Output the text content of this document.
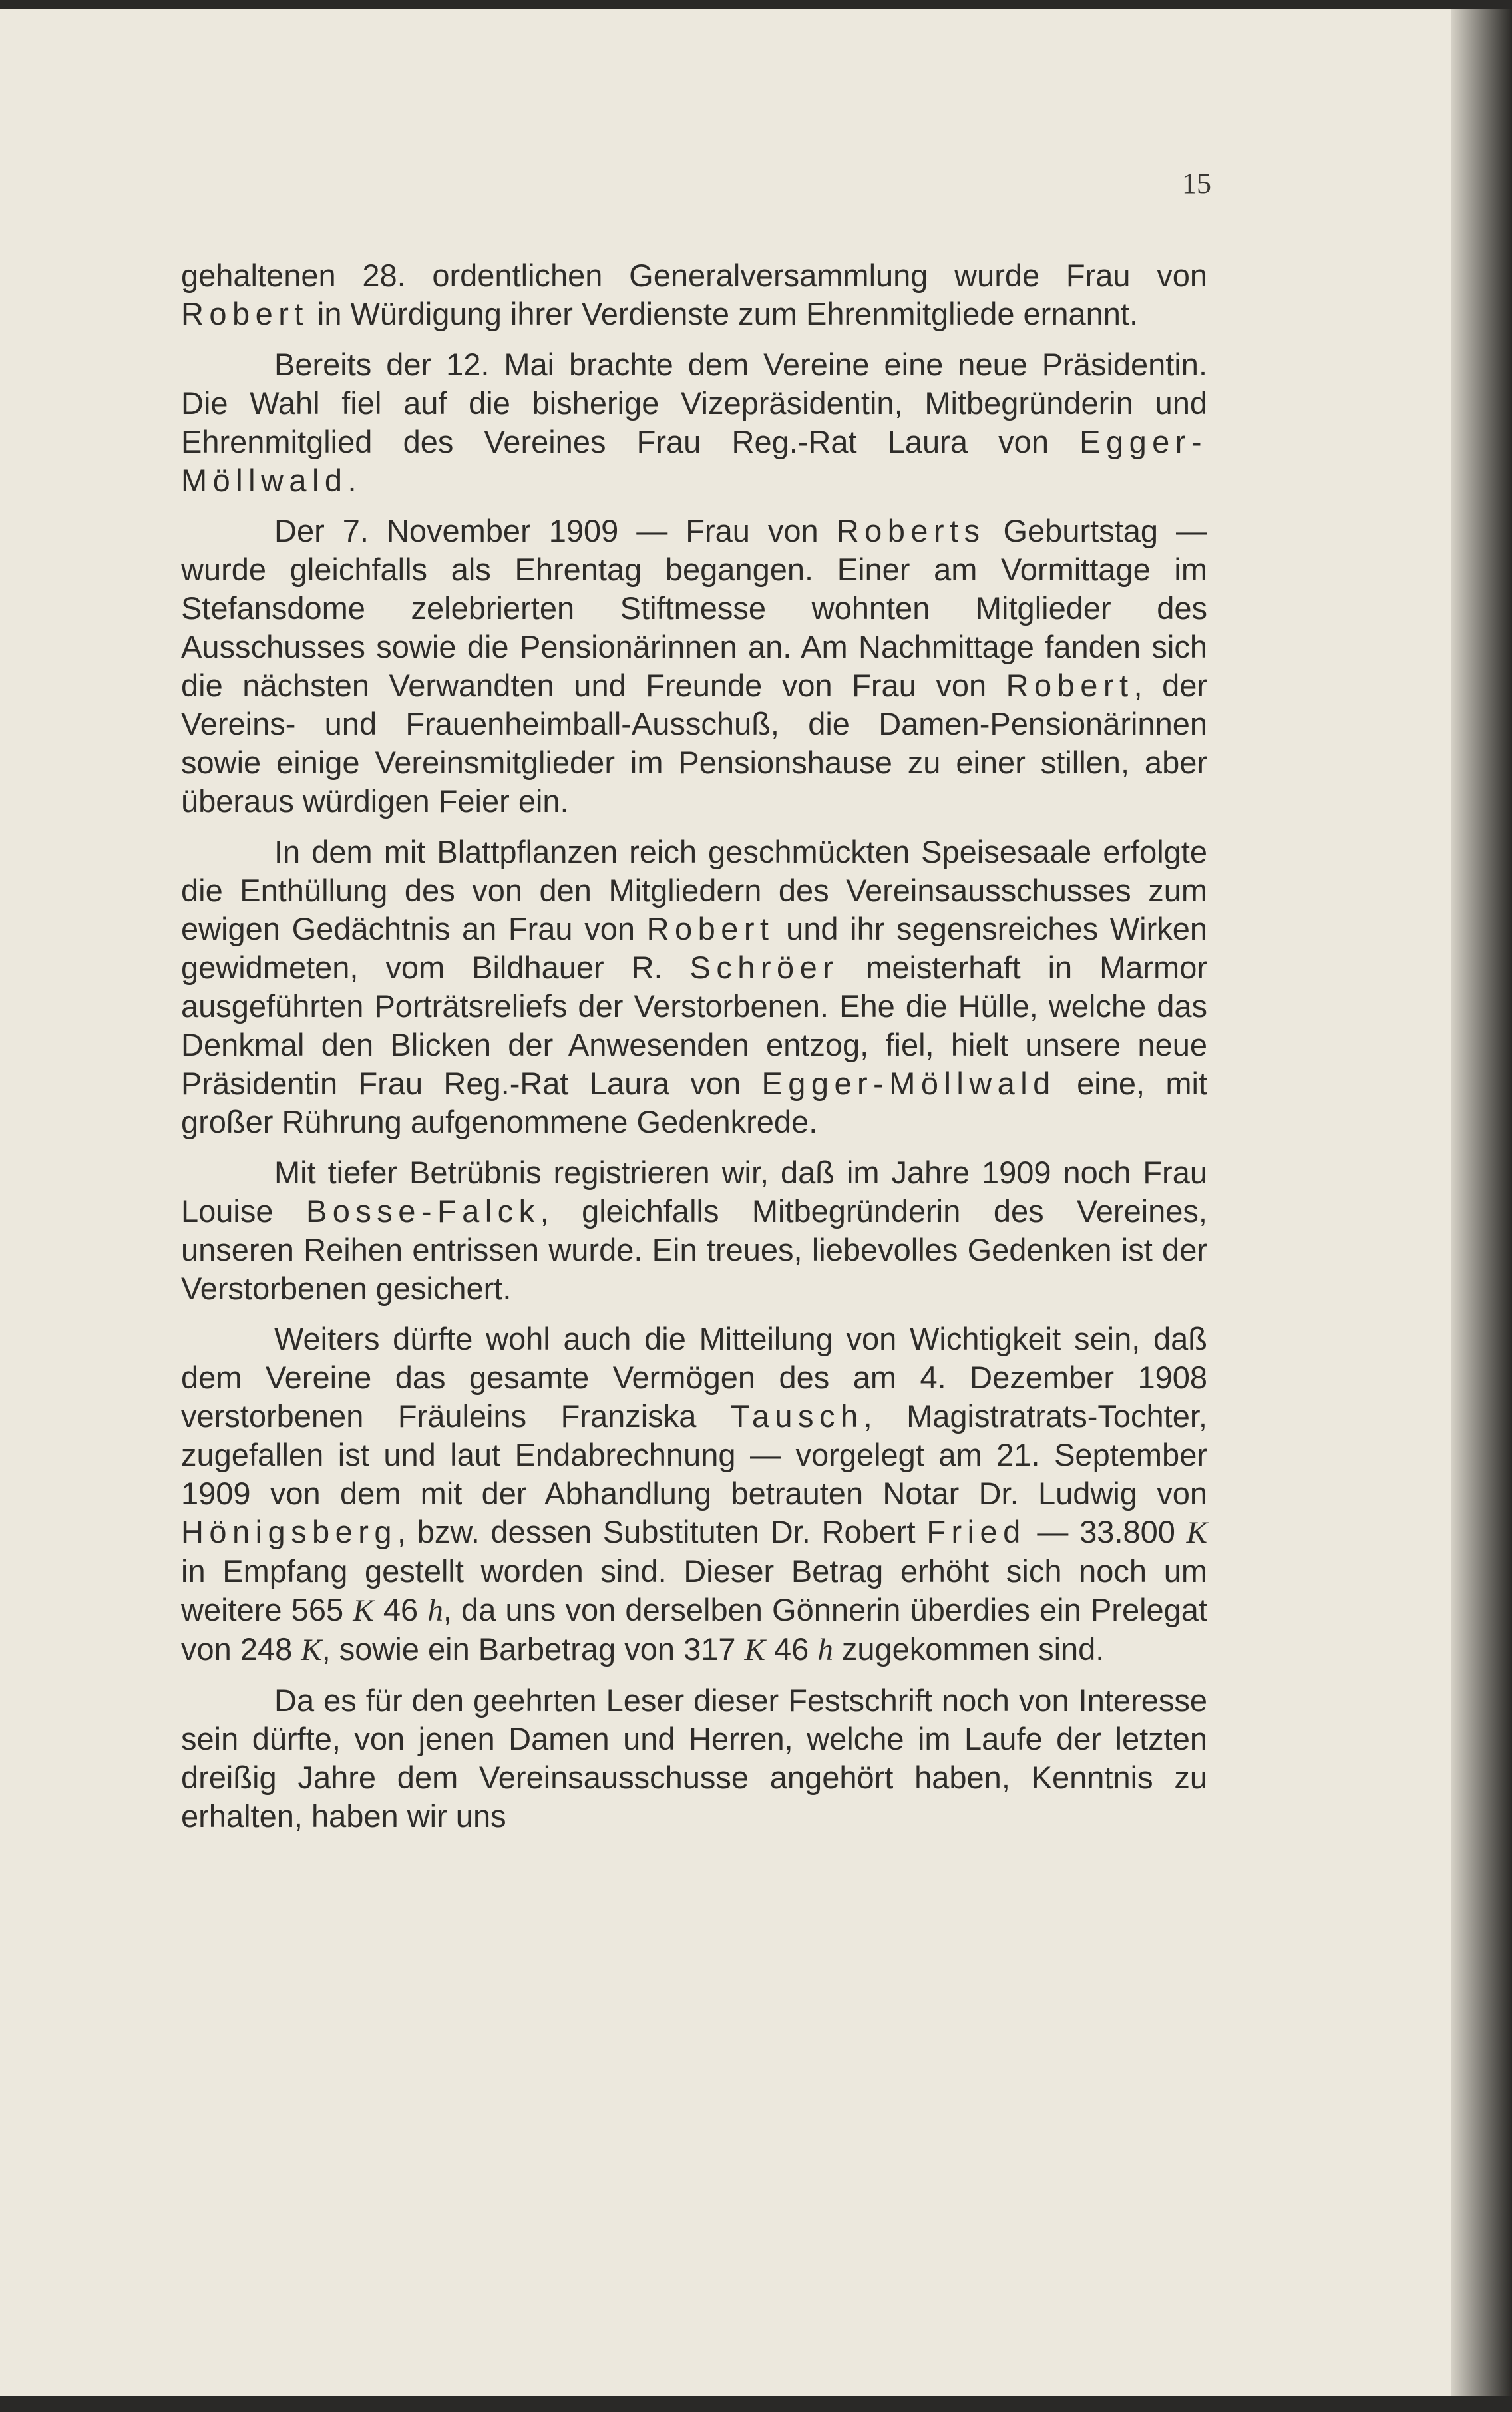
15

gehaltenen 28. ordentlichen Generalversammlung wurde Frau von Robert in Würdigung ihrer Verdienste zum Ehrenmitgliede ernannt.

Bereits der 12. Mai brachte dem Vereine eine neue Präsidentin. Die Wahl fiel auf die bisherige Vizepräsidentin, Mitbegründerin und Ehrenmitglied des Vereines Frau Reg.-Rat Laura von Egger-Möllwald.

Der 7. November 1909 — Frau von Roberts Geburtstag — wurde gleichfalls als Ehrentag begangen. Einer am Vormittage im Stefansdome zelebrierten Stiftmesse wohnten Mitglieder des Ausschusses sowie die Pensionärinnen an. Am Nachmittage fanden sich die nächsten Verwandten und Freunde von Frau von Robert, der Vereins- und Frauenheimball-Ausschuß, die Damen-Pensionärinnen sowie einige Vereinsmitglieder im Pensionshause zu einer stillen, aber überaus würdigen Feier ein.

In dem mit Blattpflanzen reich geschmückten Speisesaale erfolgte die Enthüllung des von den Mitgliedern des Vereinsausschusses zum ewigen Gedächtnis an Frau von Robert und ihr segensreiches Wirken gewidmeten, vom Bildhauer R. Schröer meisterhaft in Marmor ausgeführten Porträtsreliefs der Verstorbenen. Ehe die Hülle, welche das Denkmal den Blicken der Anwesenden entzog, fiel, hielt unsere neue Präsidentin Frau Reg.-Rat Laura von Egger-Möllwald eine, mit großer Rührung aufgenommene Gedenkrede.

Mit tiefer Betrübnis registrieren wir, daß im Jahre 1909 noch Frau Louise Bosse-Falck, gleichfalls Mitbegründerin des Vereines, unseren Reihen entrissen wurde. Ein treues, liebevolles Gedenken ist der Verstorbenen gesichert.

Weiters dürfte wohl auch die Mitteilung von Wichtigkeit sein, daß dem Vereine das gesamte Vermögen des am 4. Dezember 1908 verstorbenen Fräuleins Franziska Tausch, Magistratrats-Tochter, zugefallen ist und laut Endabrechnung — vorgelegt am 21. September 1909 von dem mit der Abhandlung betrauten Notar Dr. Ludwig von Hönigsberg, bzw. dessen Substituten Dr. Robert Fried — 33.800 K in Empfang gestellt worden sind. Dieser Betrag erhöht sich noch um weitere 565 K 46 h, da uns von derselben Gönnerin überdies ein Prelegat von 248 K, sowie ein Barbetrag von 317 K 46 h zugekommen sind.

Da es für den geehrten Leser dieser Festschrift noch von Interesse sein dürfte, von jenen Damen und Herren, welche im Laufe der letzten dreißig Jahre dem Vereinsausschusse angehört haben, Kenntnis zu erhalten, haben wir uns
